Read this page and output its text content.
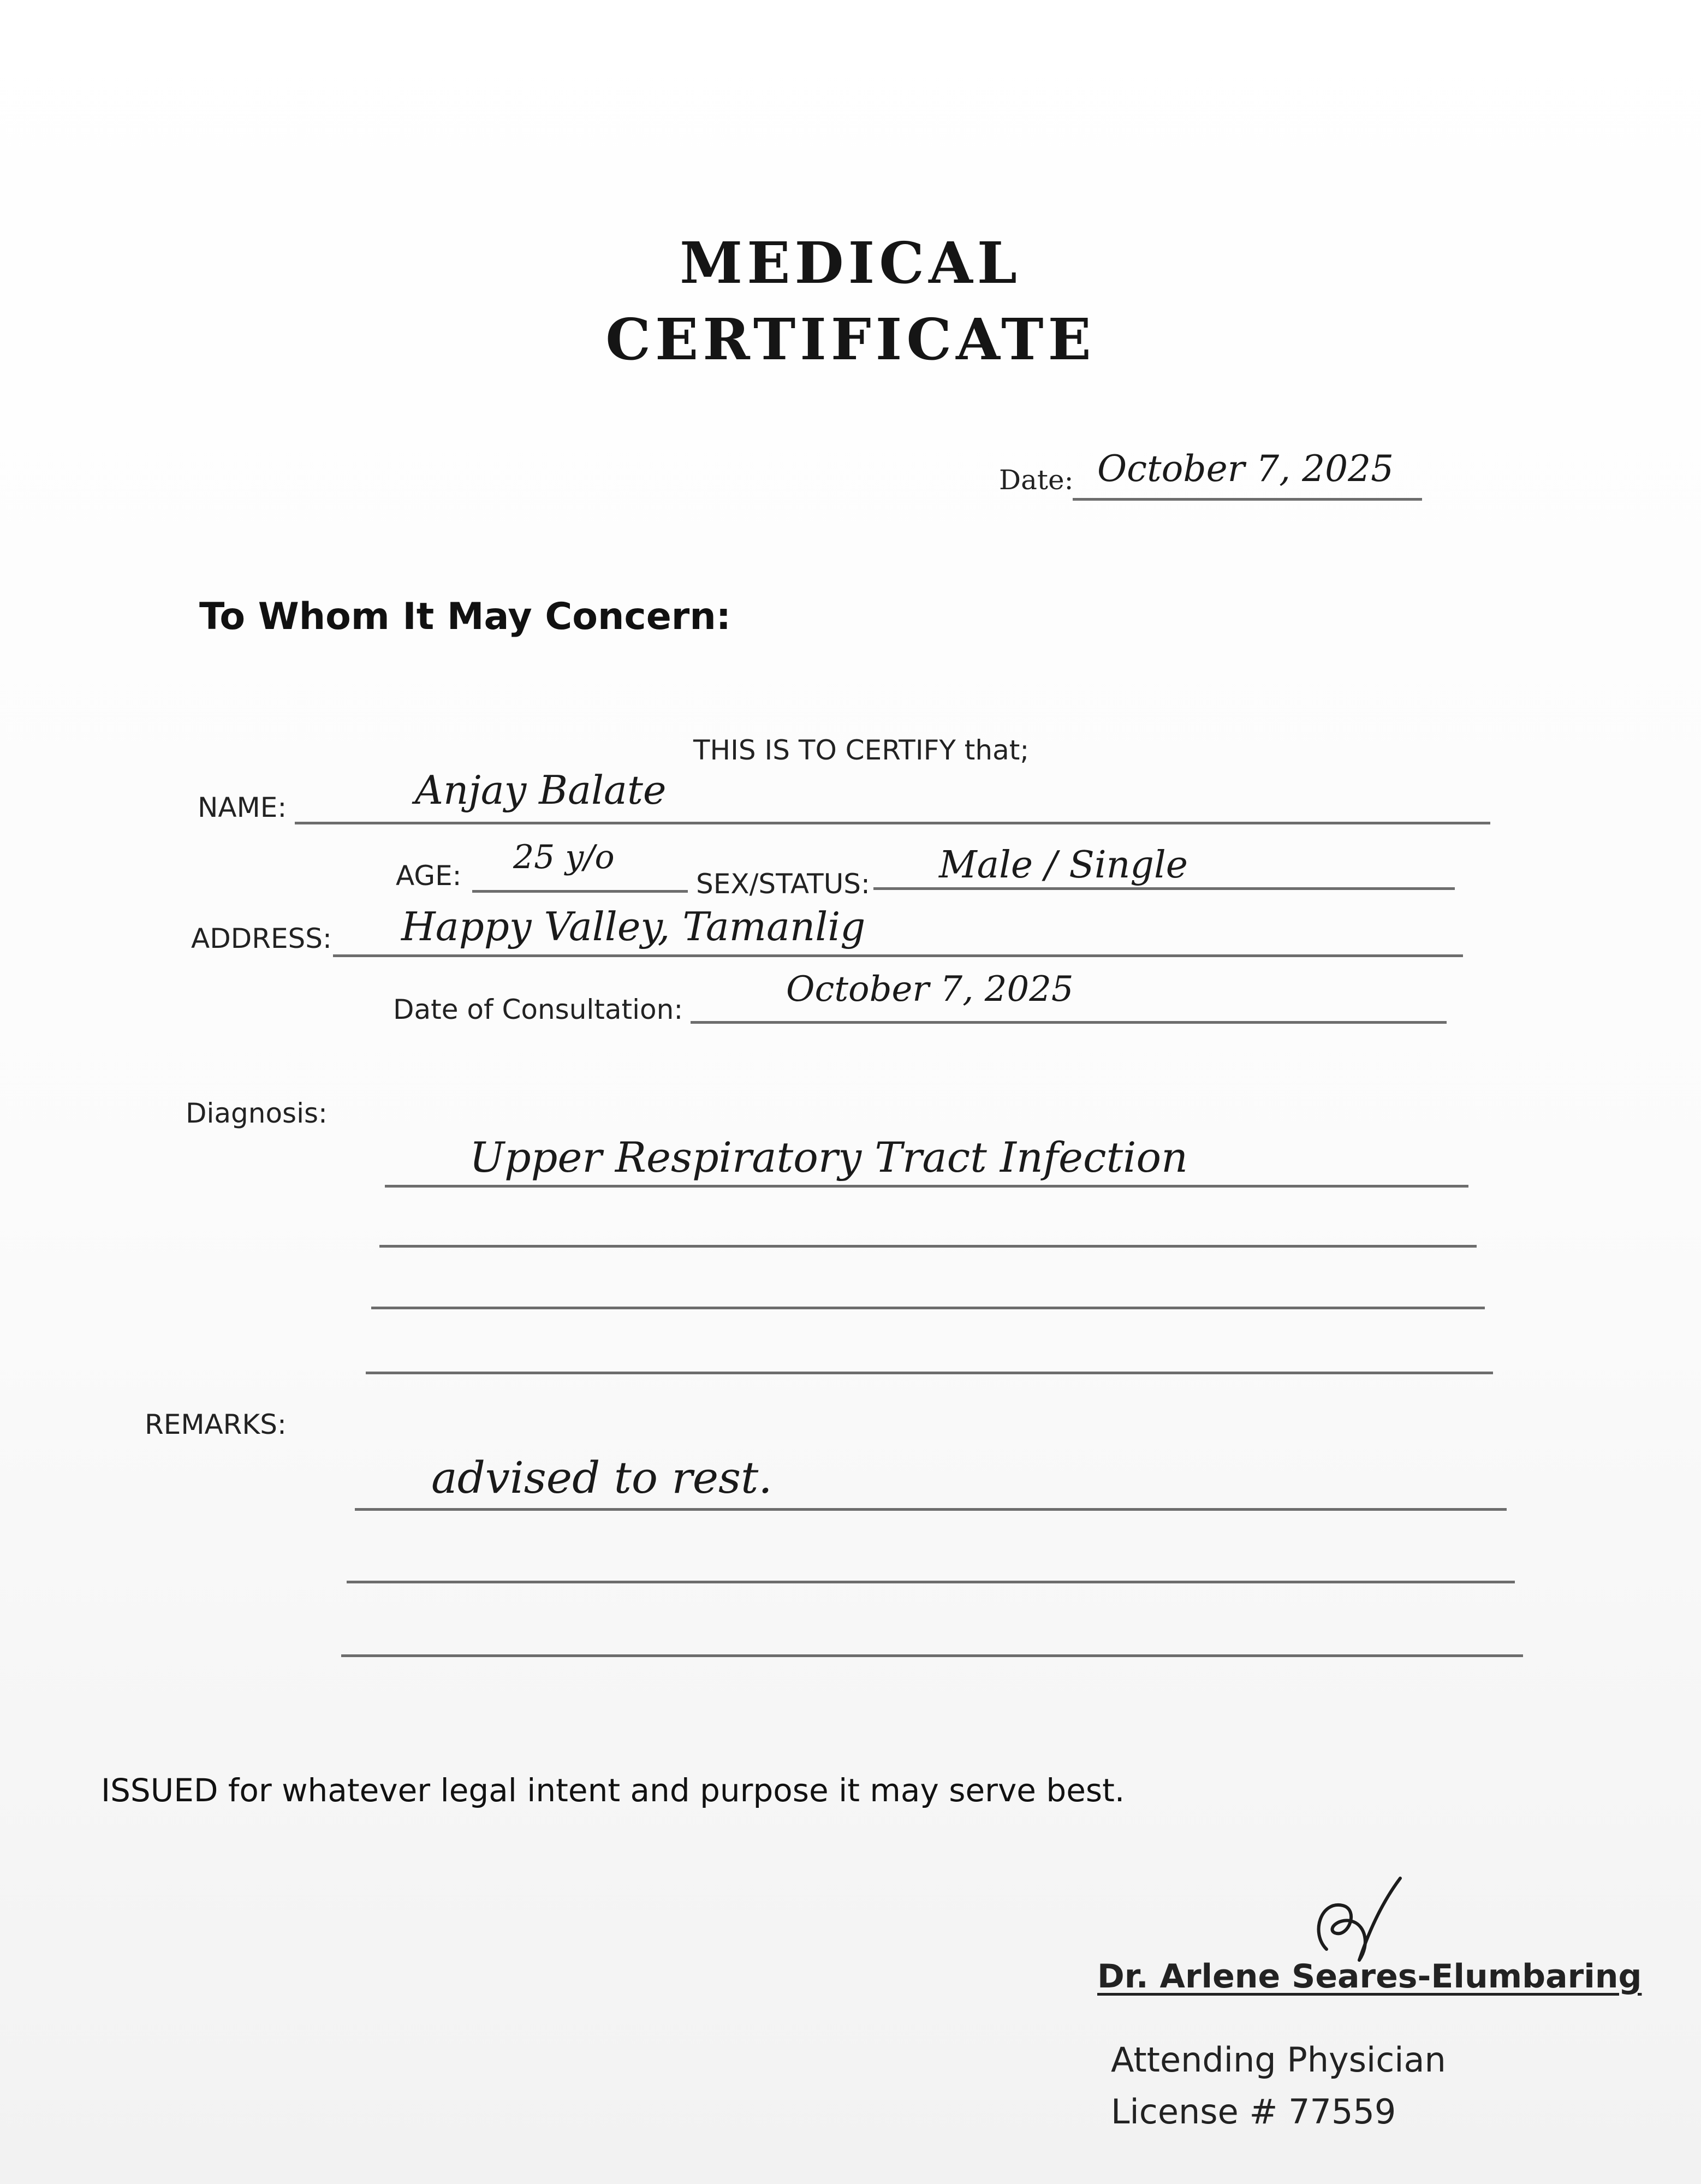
MEDICAL
CERTIFICATE
Date: October 7, 2025
To Whom It May Concern:
THIS IS TO CERTIFY that;
NAME:	Anjay Balate
AGE: 25 y/o
SEX/STATUS: Male / Single
ADDRESS: Happy Valley, Tamanlig
Date of Consultation:	October 7, 2025
Diagnosis:
Upper Respiratory Tract Infection
REMARKS:
advised to rest.
ISSUED for whatever legal intent and purpose it may serve best.
Dr. Arlene Seares-Elumbaring
Attending Physician
License # 77559
